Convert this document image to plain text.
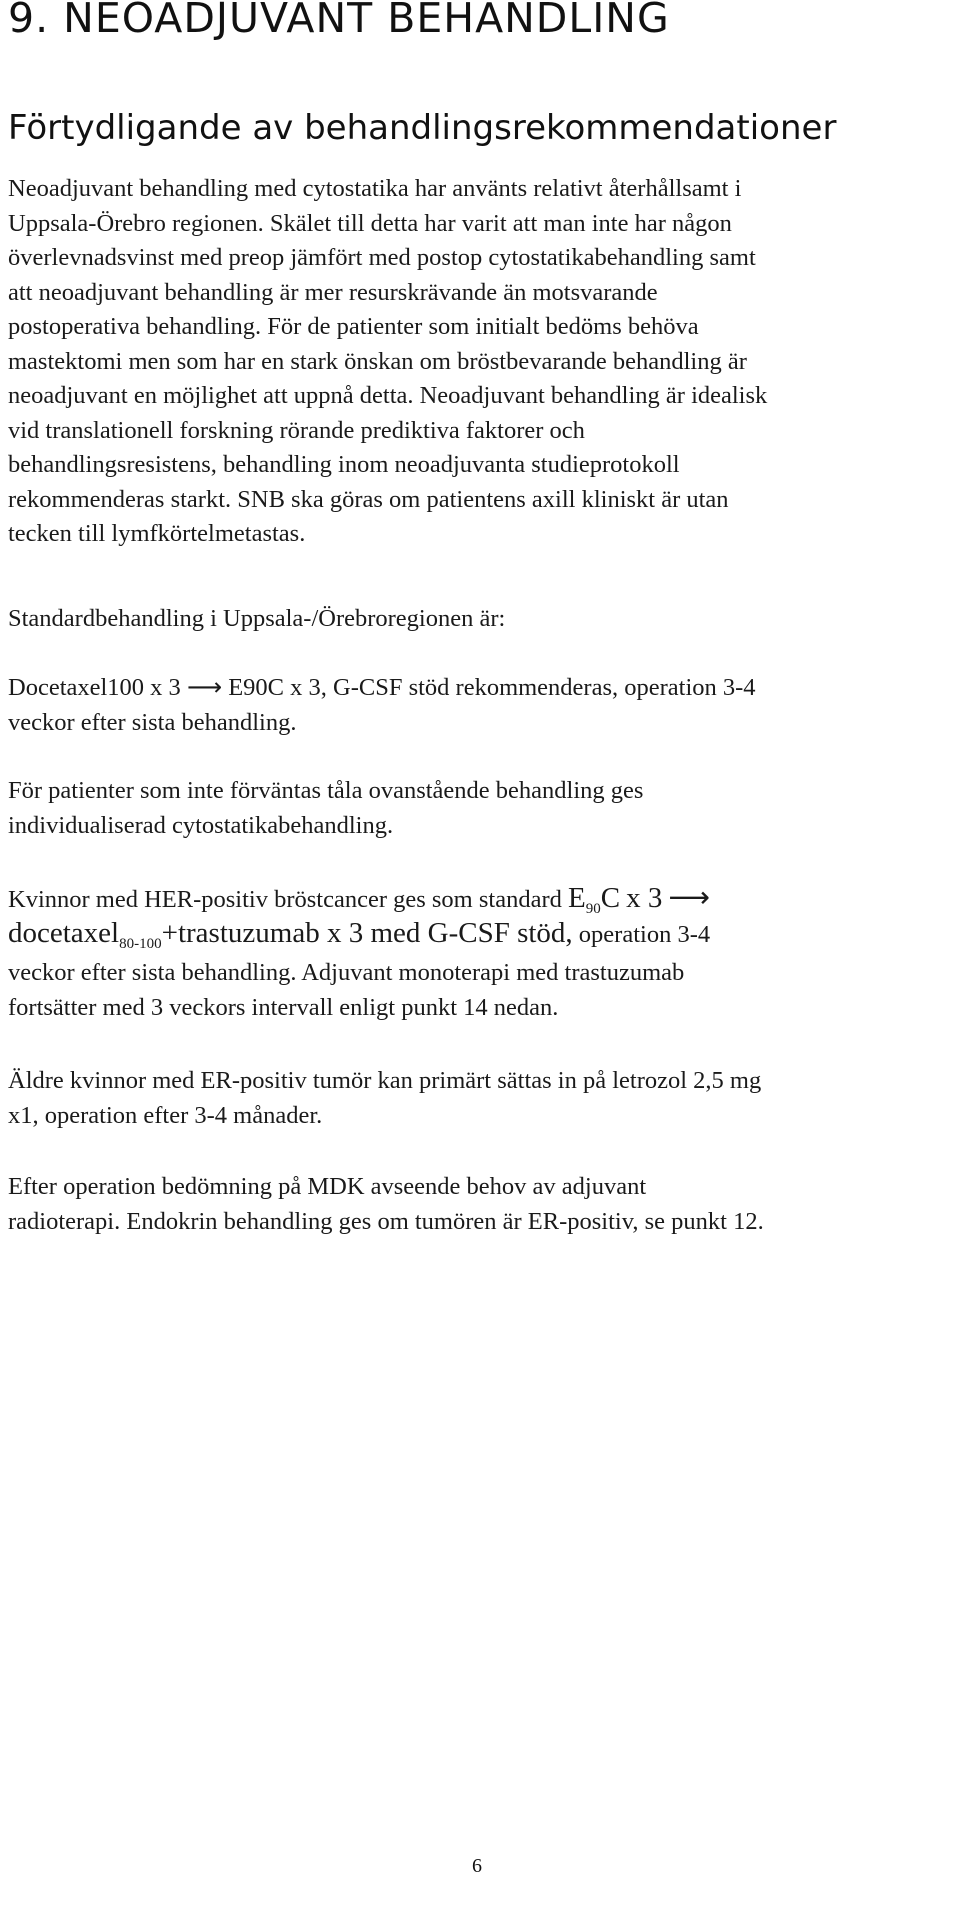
9. NEOADJUVANT BEHANDLING
Förtydligande av behandlingsrekommendationer
Neoadjuvant behandling med cytostatika har använts relativt återhållsamt i
Uppsala-Örebro regionen. Skälet till detta har varit att man inte har någon
överlevnadsvinst med preop jämfört med postop cytostatikabehandling samt
att neoadjuvant behandling är mer resurskrävande än motsvarande
postoperativa behandling. För de patienter som initialt bedöms behöva
mastektomi men som har en stark önskan om bröstbevarande behandling är
neoadjuvant en möjlighet att uppnå detta. Neoadjuvant behandling är idealisk
vid translationell forskning rörande prediktiva faktorer och
behandlingsresistens, behandling inom neoadjuvanta studieprotokoll
rekommenderas starkt. SNB ska göras om patientens axill kliniskt är utan
tecken till lymfkörtelmetastas.
Standardbehandling i Uppsala-/Örebroregionen är:
Docetaxel100 x 3 ⟶ E90C x 3, G-CSF stöd rekommenderas, operation 3-4
veckor efter sista behandling.
För patienter som inte förväntas tåla ovanstående behandling ges
individualiserad cytostatikabehandling.
Kvinnor med HER-positiv bröstcancer ges som standard $E_{90}C$ x 3 ⟶
docetaxel$_{80-100}$+trastuzumab x 3 med G-CSF stöd, operation 3-4
veckor efter sista behandling. Adjuvant monoterapi med trastuzumab
fortsätter med 3 veckors intervall enligt punkt 14 nedan.
Äldre kvinnor med ER-positiv tumör kan primärt sättas in på letrozol 2,5 mg
x1, operation efter 3-4 månader.
Efter operation bedömning på MDK avseende behov av adjuvant
radioterapi. Endokrin behandling ges om tumören är ER-positiv, se punkt 12.
6
